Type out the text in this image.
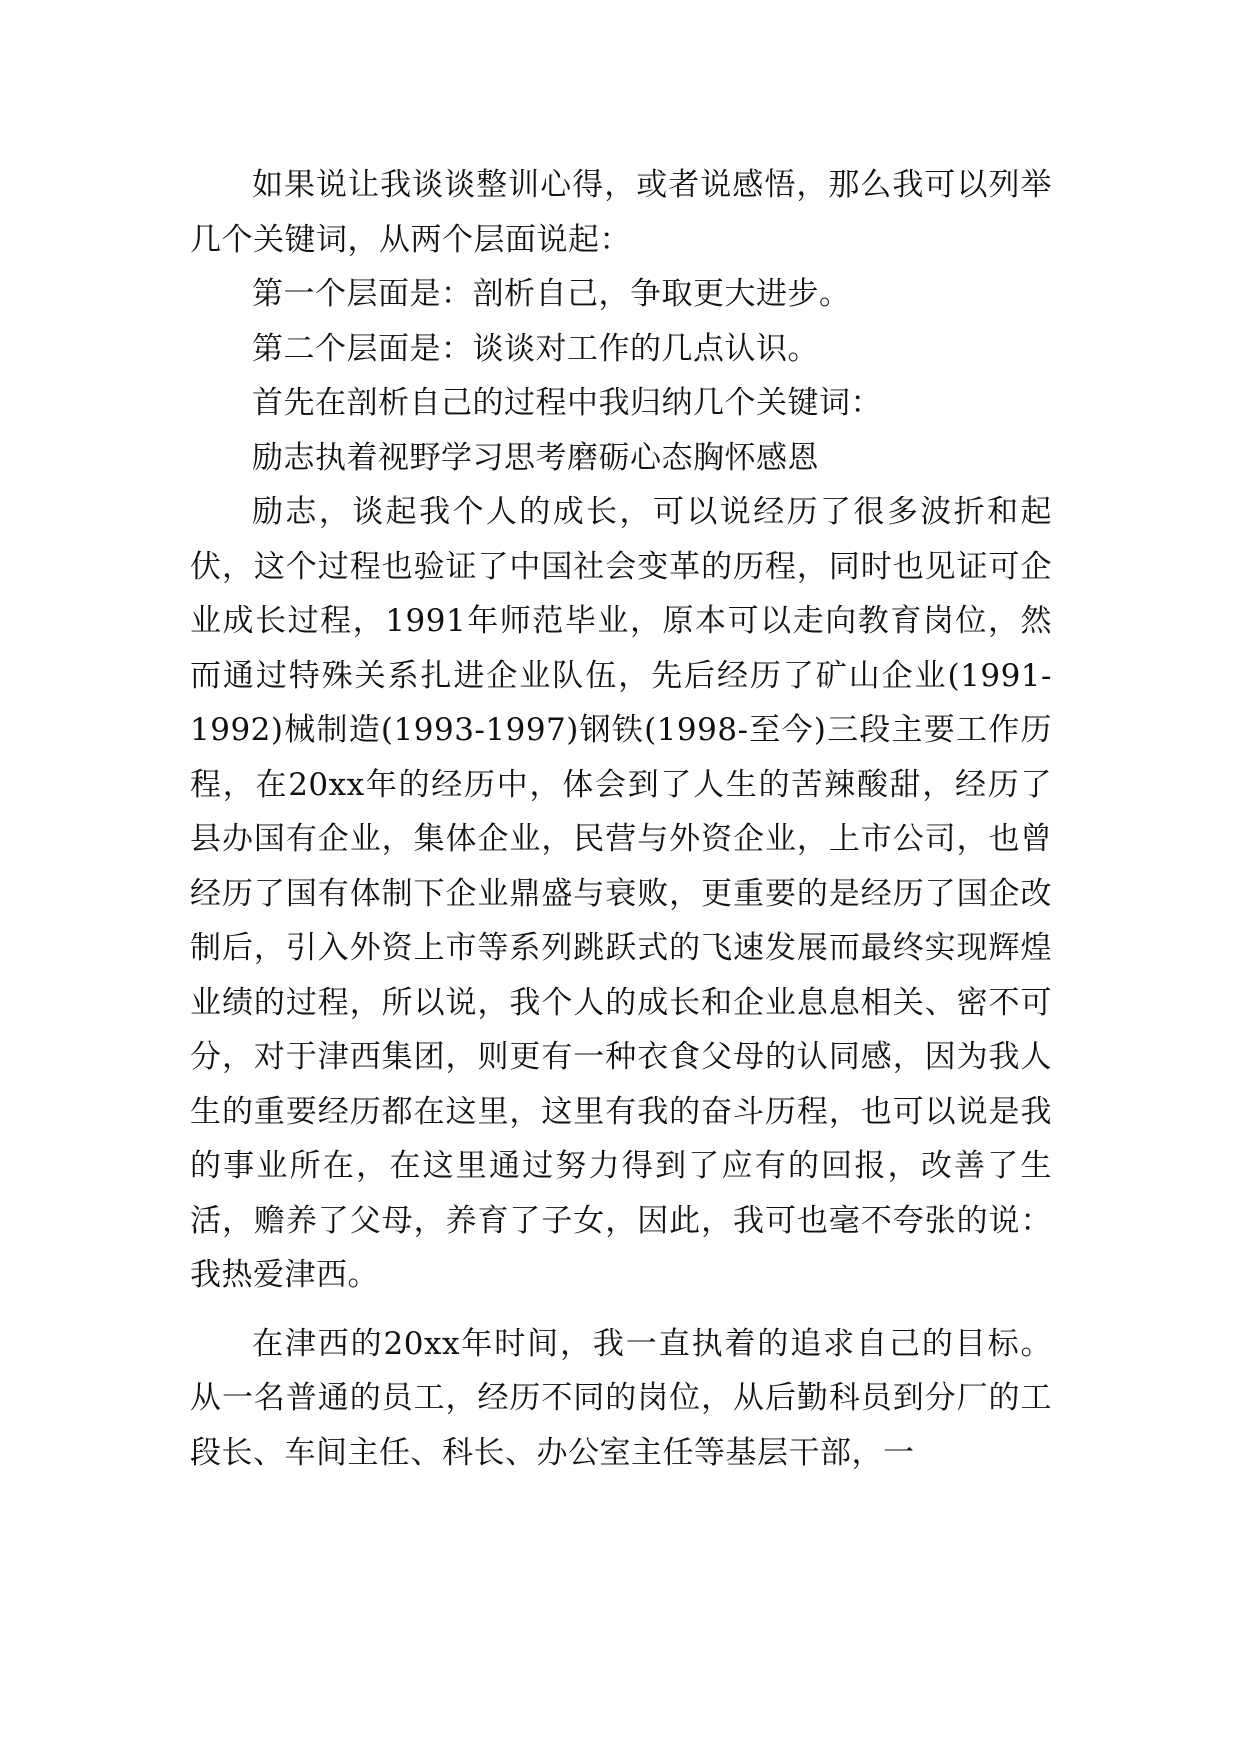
如果说让我谈谈整训心得，或者说感悟，那么我可以列举几个关键词，从两个层面说起：

第一个层面是：剖析自己，争取更大进步。

第二个层面是：谈谈对工作的几点认识。

首先在剖析自己的过程中我归纳几个关键词：

励志执着视野学习思考磨砺心态胸怀感恩

励志，谈起我个人的成长，可以说经历了很多波折和起伏，这个过程也验证了中国社会变革的历程，同时也见证可企业成长过程，1991年师范毕业，原本可以走向教育岗位，然而通过特殊关系扎进企业队伍，先后经历了矿山企业(1991-1992)械制造(1993-1997)钢铁(1998-至今)三段主要工作历程，在20xx年的经历中，体会到了人生的苦辣酸甜，经历了县办国有企业，集体企业，民营与外资企业，上市公司，也曾经历了国有体制下企业鼎盛与衰败，更重要的是经历了国企改制后，引入外资上市等系列跳跃式的飞速发展而最终实现辉煌业绩的过程，所以说，我个人的成长和企业息息相关、密不可分，对于津西集团，则更有一种衣食父母的认同感，因为我人生的重要经历都在这里，这里有我的奋斗历程，也可以说是我的事业所在，在这里通过努力得到了应有的回报，改善了生活，赡养了父母，养育了子女，因此，我可也毫不夸张的说：我热爱津西。

在津西的20xx年时间，我一直执着的追求自己的目标。从一名普通的员工，经历不同的岗位，从后勤科员到分厂的工段长、车间主任、科长、办公室主任等基层干部，一
